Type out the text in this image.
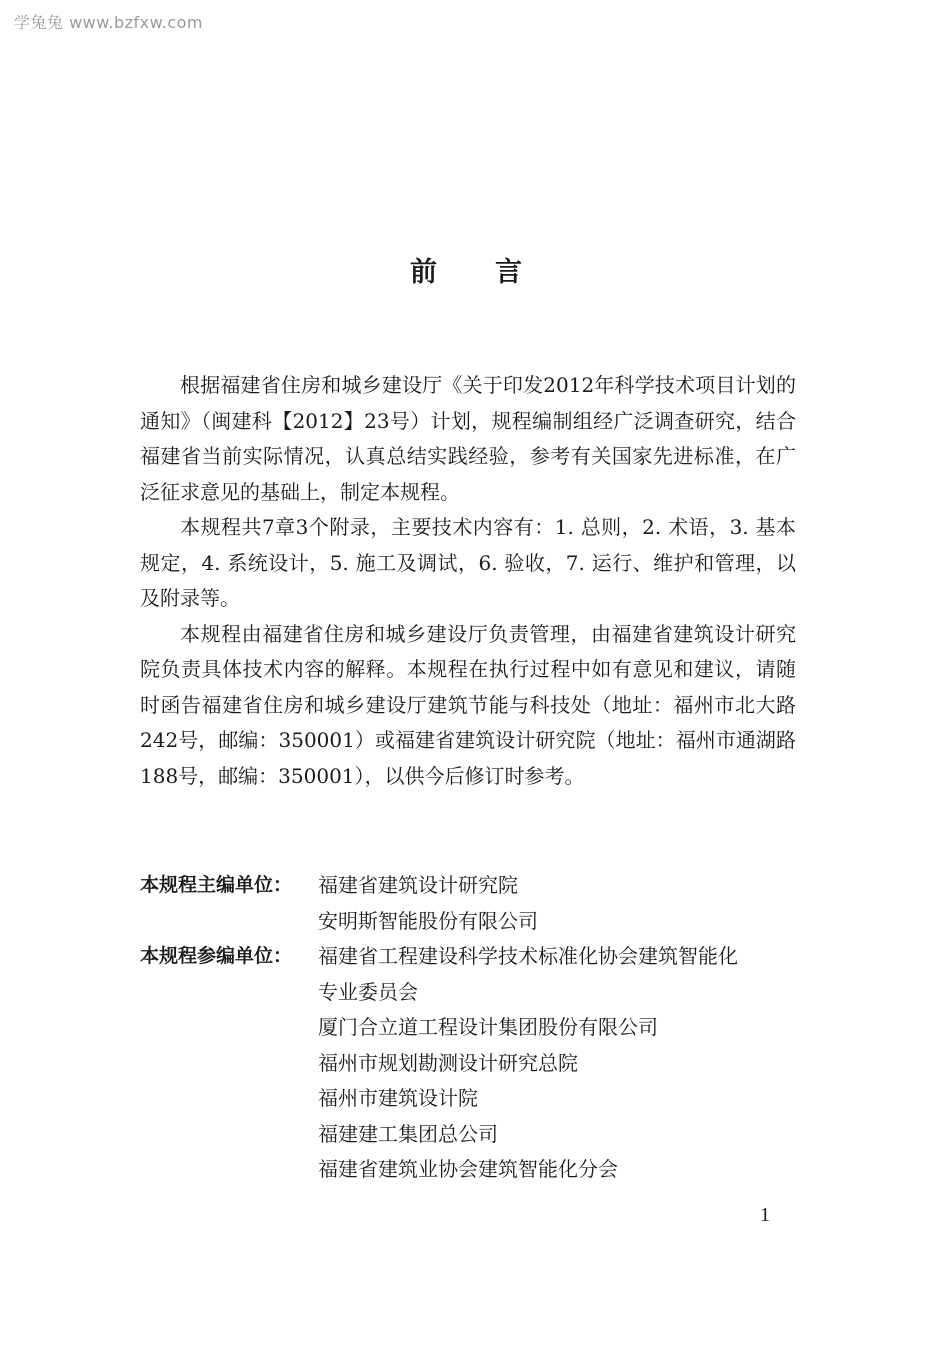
学兔兔 www.bzfxw.com
前言

根据福建省住房和城乡建设厅《关于印发2012年科学技术项目计划的通知》（闽建科【2012】23号）计划，规程编制组经广泛调查研究，结合福建省当前实际情况，认真总结实践经验，参考有关国家先进标准，在广泛征求意见的基础上，制定本规程。

本规程共7章3个附录，主要技术内容有：1. 总则，2. 术语，3. 基本规定，4. 系统设计，5. 施工及调试，6. 验收，7. 运行、维护和管理，以及附录等。

本规程由福建省住房和城乡建设厅负责管理，由福建省建筑设计研究院负责具体技术内容的解释。本规程在执行过程中如有意见和建议，请随时函告福建省住房和城乡建设厅建筑节能与科技处（地址：福州市北大路242号，邮编：350001）或福建省建筑设计研究院（地址：福州市通湖路188号，邮编：350001），以供今后修订时参考。

本规程主编单位：	福建省建筑设计研究院
安明斯智能股份有限公司
本规程参编单位：	福建省工程建设科学技术标准化协会建筑智能化
专业委员会
厦门合立道工程设计集团股份有限公司
福州市规划勘测设计研究总院
福州市建筑设计院
福建建工集团总公司
福建省建筑业协会建筑智能化分会
1
